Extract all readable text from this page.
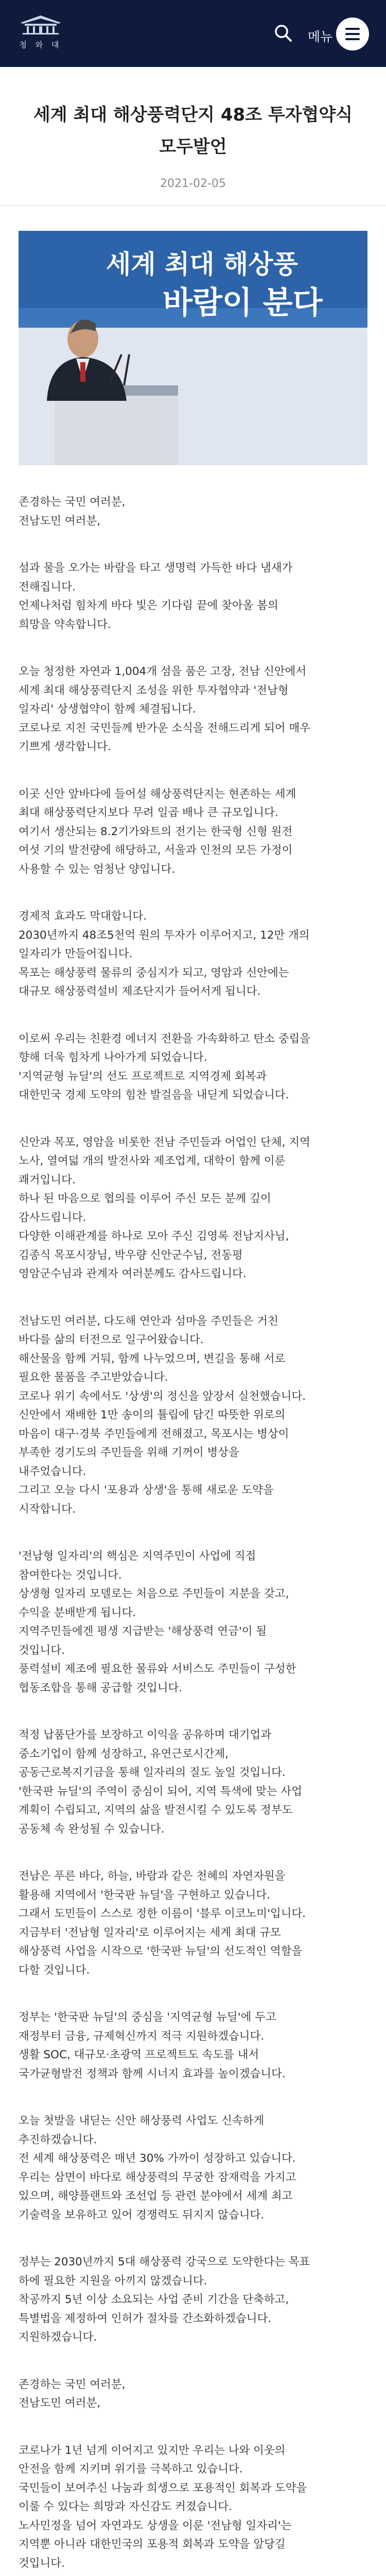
청 와 대
메뉴
세계 최대 해상풍력단지 48조 투자협약식
모두발언
2021-02-05
세계 최대 해상풍
바람이 분다

존경하는 국민 여러분,
전남도민 여러분,

섬과 물을 오가는 바람을 타고 생명력 가득한 바다 냄새가
전해집니다.
언제나처럼 힘차게 바다 빛은 기다림 끝에 찾아올 봄의
희망을 약속합니다.

오늘 청정한 자연과 1,004개 섬을 품은 고장, 전남 신안에서
세계 최대 해상풍력단지 조성을 위한 투자협약과 '전남형
일자리' 상생협약이 함께 체결됩니다.
코로나로 지친 국민들께 반가운 소식을 전해드리게 되어 매우
기쁘게 생각합니다.

이곳 신안 앞바다에 들어설 해상풍력단지는 현존하는 세계
최대 해상풍력단지보다 무려 일곱 배나 큰 규모입니다.
여기서 생산되는 8.2기가와트의 전기는 한국형 신형 원전
여섯 기의 발전량에 해당하고, 서울과 인천의 모든 가정이
사용할 수 있는 엄청난 양입니다.

경제적 효과도 막대합니다.
2030년까지 48조5천억 원의 투자가 이루어지고, 12만 개의
일자리가 만들어집니다.
목포는 해상풍력 물류의 중심지가 되고, 영암과 신안에는
대규모 해상풍력설비 제조단지가 들어서게 됩니다.

이로써 우리는 친환경 에너지 전환을 가속화하고 탄소 중립을
향해 더욱 힘차게 나아가게 되었습니다.
'지역균형 뉴딜'의 선도 프로젝트로 지역경제 회복과
대한민국 경제 도약의 힘찬 발걸음을 내딛게 되었습니다.

신안과 목포, 영암을 비롯한 전남 주민들과 어업인 단체, 지역
노사, 열여덟 개의 발전사와 제조업계, 대학이 함께 이룬
쾌거입니다.
하나 된 마음으로 협의를 이루어 주신 모든 분께 깊이
감사드립니다.
다양한 이해관계를 하나로 모아 주신 김영록 전남지사님,
김종식 목포시장님, 박우량 신안군수님, 전동평
영암군수님과 관계자 여러분께도 감사드립니다.

전남도민 여러분, 다도해 연안과 섬마을 주민들은 거친
바다를 삶의 터전으로 일구어왔습니다.
해산물을 함께 거둬, 함께 나누었으며, 변길을 통해 서로
필요한 물품을 주고받았습니다.
코로나 위기 속에서도 '상생'의 정신을 앞장서 실천했습니다.
신안에서 재배한 1만 송이의 튤립에 담긴 따뜻한 위로의
마음이 대구·경북 주민들에게 전해졌고, 목포시는 병상이
부족한 경기도의 주민들을 위해 기꺼이 병상을
내주었습니다.
그리고 오늘 다시 '포용과 상생'을 통해 새로운 도약을
시작합니다.

'전남형 일자리'의 핵심은 지역주민이 사업에 직접
참여한다는 것입니다.
상생형 일자리 모델로는 처음으로 주민들이 지분을 갖고,
수익을 분배받게 됩니다.
지역주민들에겐 평생 지급받는 '해상풍력 연금'이 될
것입니다.
풍력설비 제조에 필요한 물류와 서비스도 주민들이 구성한
협동조합을 통해 공급할 것입니다.

적정 납품단가를 보장하고 이익을 공유하며 대기업과
중소기업이 함께 성장하고, 유연근로시간제,
공동근로복지기금을 통해 일자리의 질도 높일 것입니다.
'한국판 뉴딜'의 주역이 중심이 되어, 지역 특색에 맞는 사업
계획이 수립되고, 지역의 삶을 발전시킬 수 있도록 정부도
공동체 속 완성될 수 있습니다.

전남은 푸른 바다, 하늘, 바람과 같은 천혜의 자연자원을
활용해 지역에서 '한국판 뉴딜'을 구현하고 있습니다.
그래서 도민들이 스스로 정한 이름이 '블루 이코노미'입니다.
지금부터 '전남형 일자리'로 이루어지는 세계 최대 규모
해상풍력 사업을 시작으로 '한국판 뉴딜'의 선도적인 역할을
다할 것입니다.

정부는 '한국판 뉴딜'의 중심을 '지역균형 뉴딜'에 두고
재정부터 금융, 규제혁신까지 적극 지원하겠습니다.
생활 SOC, 대규모·초광역 프로젝트도 속도를 내서
국가균형발전 정책과 함께 시너지 효과를 높이겠습니다.

오늘 첫발을 내딛는 신안 해상풍력 사업도 신속하게
추진하겠습니다.
전 세계 해상풍력은 매년 30% 가까이 성장하고 있습니다.
우리는 삼면이 바다로 해상풍력의 무궁한 잠재력을 가지고
있으며, 해양플랜트와 조선업 등 관련 분야에서 세계 최고
기술력을 보유하고 있어 경쟁력도 뒤지지 않습니다.

정부는 2030년까지 5대 해상풍력 강국으로 도약한다는 목표
하에 필요한 지원을 아끼지 않겠습니다.
착공까지 5년 이상 소요되는 사업 준비 기간을 단축하고,
특별법을 제정하여 인허가 절차를 간소화하겠습니다.
지원하겠습니다.

존경하는 국민 여러분,
전남도민 여러분,

코로나가 1년 넘게 이어지고 있지만 우리는 나와 이웃의
안전을 함께 지키며 위기를 극복하고 있습니다.
국민들이 보여주신 나눔과 희생으로 포용적인 회복과 도약을
이룰 수 있다는 희망과 자신감도 커졌습니다.
노사민정을 넘어 자연과도 상생을 이룬 '전남형 일자리'는
지역뿐 아니라 대한민국의 포용적 회복과 도약을 앞당길
것입니다.
